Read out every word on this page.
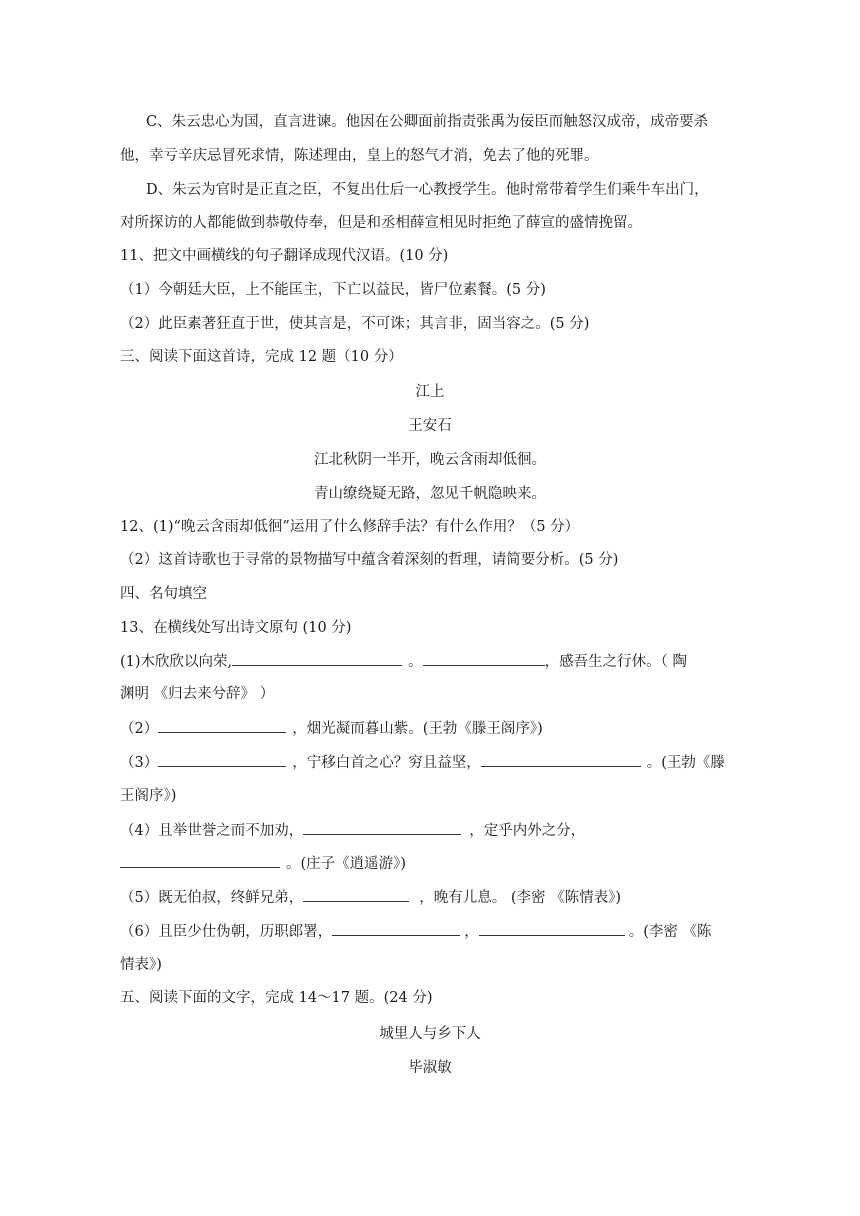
C、朱云忠心为国，直言进谏。他因在公卿面前指责张禹为佞臣而触怒汉成帝，成帝要杀
他，幸亏辛庆忌冒死求情，陈述理由，皇上的怒气才消，免去了他的死罪。
D、朱云为官时是正直之臣，不复出仕后一心教授学生。他时常带着学生们乘牛车出门，
对所探访的人都能做到恭敬侍奉，但是和丞相薛宣相见时拒绝了薛宣的盛情挽留。
11、把文中画横线的句子翻译成现代汉语。(10 分)
（1）今朝廷大臣，上不能匡主，下亡以益民，皆尸位素餐。(5 分)
（2）此臣素著狂直于世，使其言是，不可诛；其言非，固当容之。(5 分)
三、阅读下面这首诗，完成 12 题（10 分）
江上
王安石
江北秋阴一半开，晚云含雨却低徊。
青山缭绕疑无路，忽见千帆隐映来。
12、(1)“晚云含雨却低徊”运用了什么修辞手法？有什么作用？（5 分）
（2）这首诗歌也于寻常的景物描写中蕴含着深刻的哲理，请简要分析。(5 分)
四、名句填空
13、在横线处写出诗文原句 (10 分)
(1)木欣欣以向荣,	。	，感吾生之行休。（ 陶
渊明 《归去来兮辞》 ）
（2）	，烟光凝而暮山紫。(王勃《滕王阁序》)
（3）	，宁移白首之心？穷且益坚，	。(王勃《滕
王阁序》)
（4）且举世誉之而不加劝，	，定乎内外之分，
。(庄子《逍遥游》)
（5）既无伯叔，终鲜兄弟，	，晚有儿息。 (李密 《陈情表》)
（6）且臣少仕伪朝，历职郎署，	，	。(李密 《陈
情表》)
五、阅读下面的文字，完成 14～17 题。(24 分)
城里人与乡下人
毕淑敏
